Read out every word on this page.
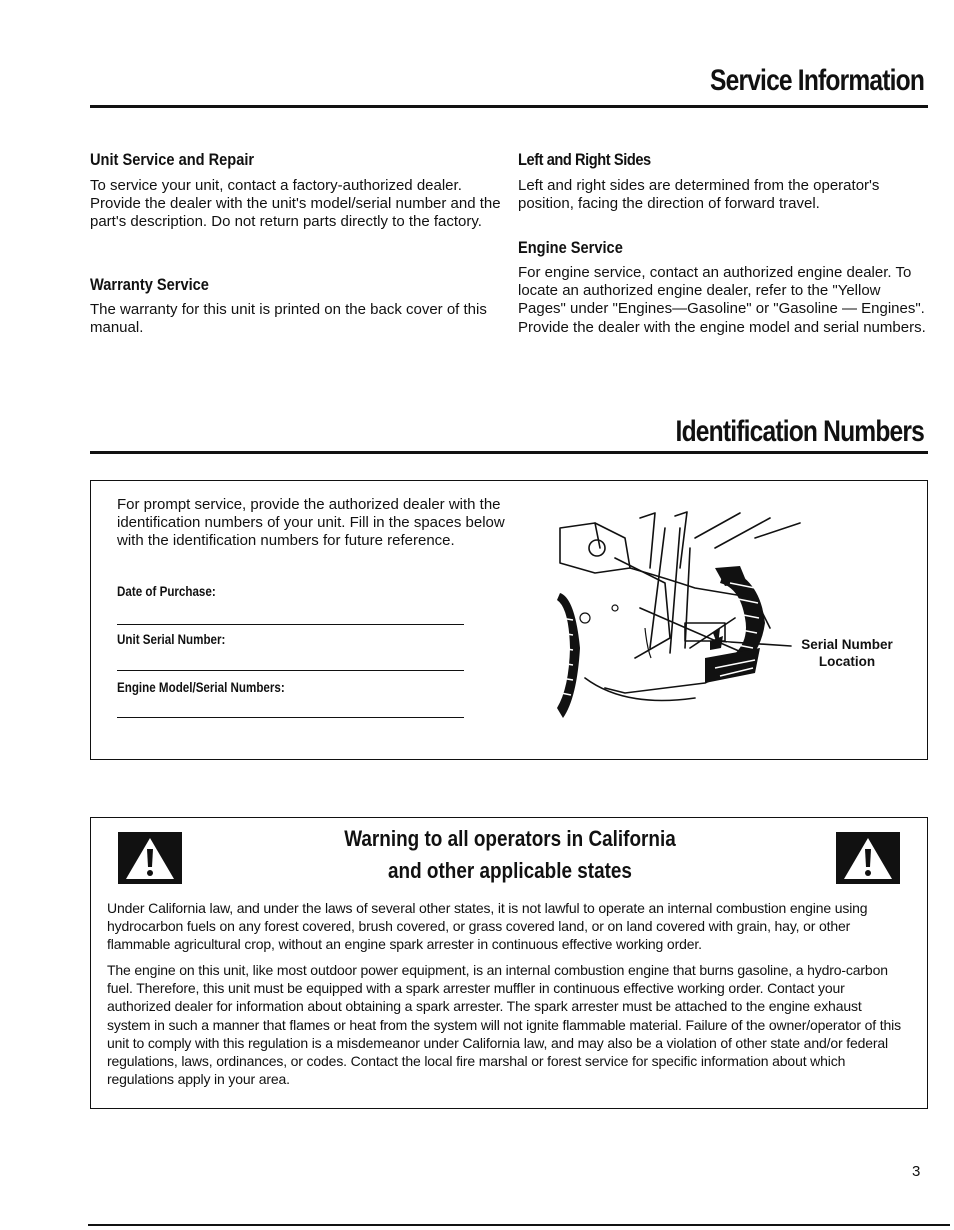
Service Information
Unit Service and Repair
To service your unit, contact a factory-authorized dealer. Provide the dealer with the unit's model/serial number and the part's description. Do not return parts directly to the factory.
Warranty Service
The warranty for this unit is printed on the back cover of this manual.
Left and Right Sides
Left and right sides are determined from the operator's position, facing the direction of forward travel.
Engine Service
For engine service, contact an authorized engine dealer. To locate an authorized engine dealer, refer to the "Yellow Pages" under "Engines—Gasoline" or "Gasoline — Engines". Provide the dealer with the engine model and serial numbers.
Identification Numbers
For prompt service, provide the authorized dealer with the identification numbers of your unit. Fill in the spaces below with the identification numbers for future reference.
Date of Purchase:
Unit Serial Number:
Engine Model/Serial Numbers:
Serial Number
Location
Warning to all operators in California
and other applicable states
Under California law, and under the laws of several other states, it is not lawful to operate an internal combustion engine using hydrocarbon fuels on any forest covered, brush covered, or grass covered land, or on land covered with grain, hay, or other flammable agricultural crop, without an engine spark arrester in continuous effective working order.
The engine on this unit, like most outdoor power equipment, is an internal combustion engine that burns gasoline, a hydro-carbon fuel. Therefore, this unit must be equipped with a spark arrester muffler in continuous effective working order. Contact your authorized dealer for information about obtaining a spark arrester. The spark arrester must be attached to the engine exhaust system in such a manner that flames or heat from the system will not ignite flammable material. Failure of the owner/operator of this unit to comply with this regulation is a misdemeanor under California law, and may also be a violation of other state and/or federal regulations, laws, ordinances, or codes. Contact the local fire marshal or forest service for specific information about which regulations apply in your area.
3
